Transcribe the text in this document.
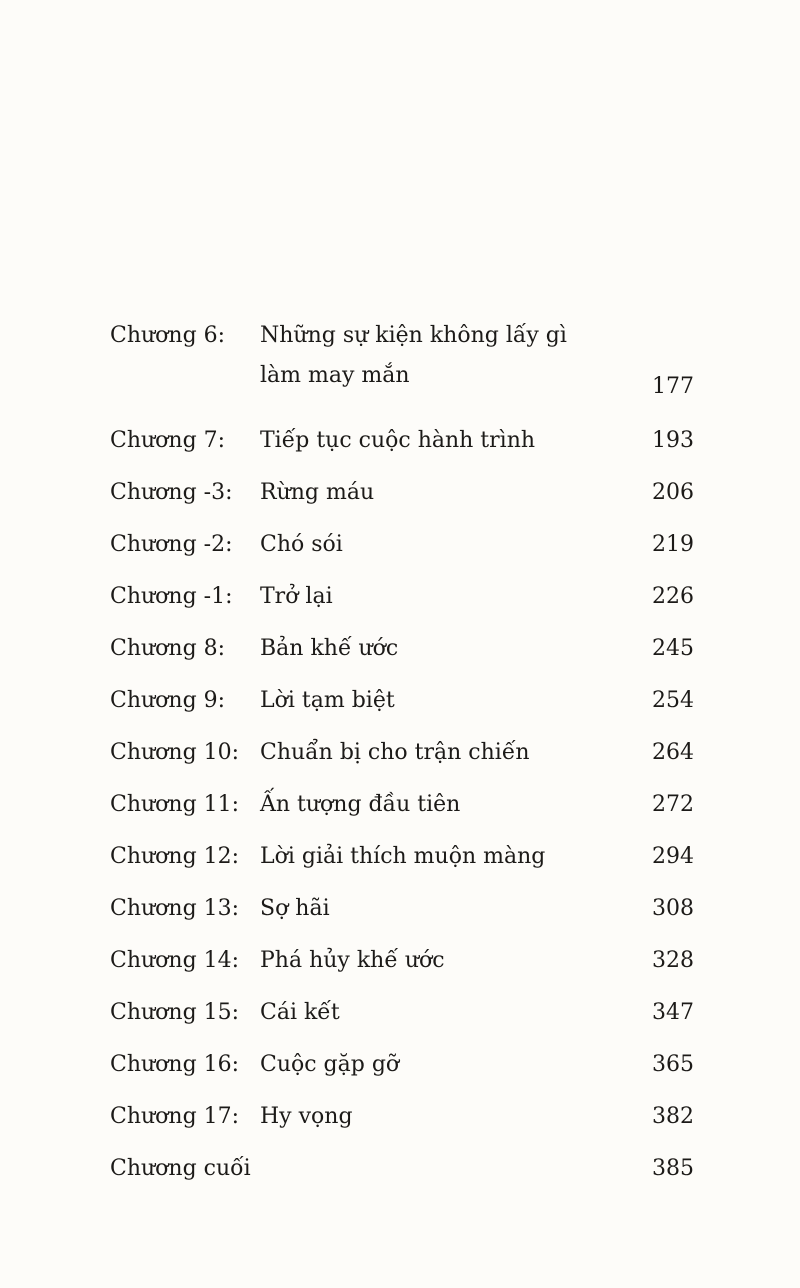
Chương 6: Những sự kiện không lấy gì làm may mắn	177
Chương 7: Tiếp tục cuộc hành trình	193
Chương -3: Rừng máu	206
Chương -2: Chó sói	219
Chương -1: Trở lại	226
Chương 8: Bản khế ước	245
Chương 9: Lời tạm biệt	254
Chương 10: Chuẩn bị cho trận chiến	264
Chương 11: Ấn tượng đầu tiên	272
Chương 12: Lời giải thích muộn màng	294
Chương 13: Sợ hãi	308
Chương 14: Phá hủy khế ước	328
Chương 15: Cái kết	347
Chương 16: Cuộc gặp gỡ	365
Chương 17: Hy vọng	382
Chương cuối	385
